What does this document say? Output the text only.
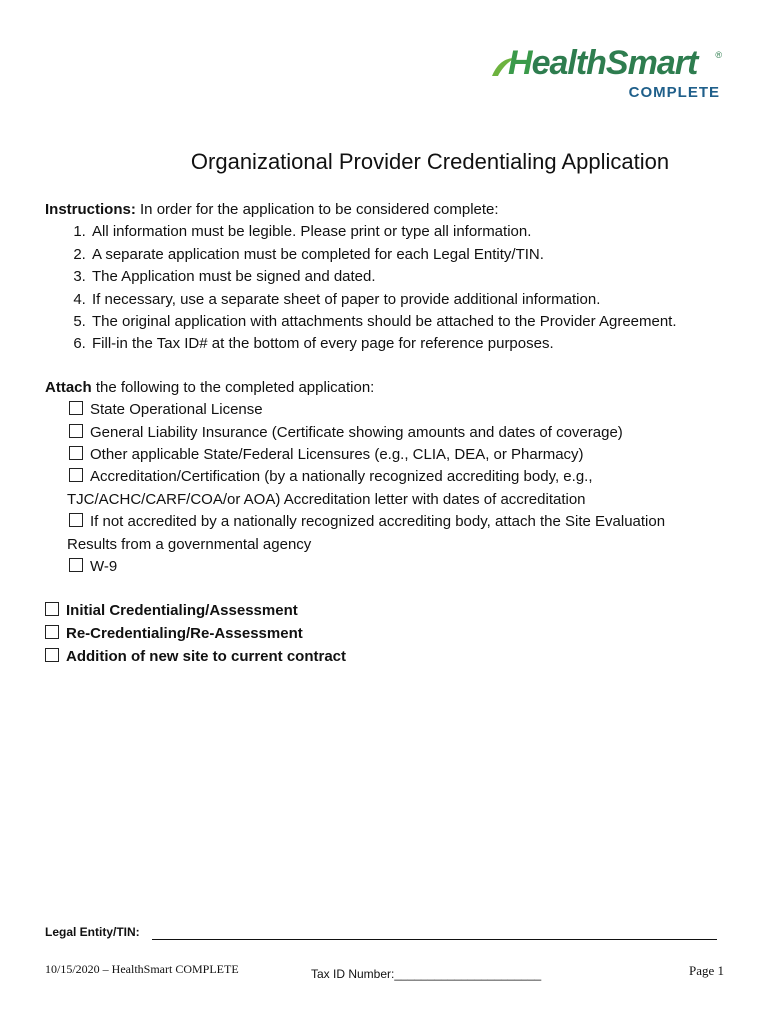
HealthSmart ®
COMPLETE
Organizational Provider Credentialing Application
Instructions: In order for the application to be considered complete:
1. All information must be legible. Please print or type all information.
2. A separate application must be completed for each Legal Entity/TIN.
3. The Application must be signed and dated.
4. If necessary, use a separate sheet of paper to provide additional information.
5. The original application with attachments should be attached to the Provider Agreement.
6. Fill-in the Tax ID# at the bottom of every page for reference purposes.
Attach the following to the completed application:
State Operational License
General Liability Insurance (Certificate showing amounts and dates of coverage)
Other applicable State/Federal Licensures (e.g., CLIA, DEA, or Pharmacy)
Accreditation/Certification (by a nationally recognized accrediting body, e.g.,
TJC/ACHC/CARF/COA/or AOA) Accreditation letter with dates of accreditation
If not accredited by a nationally recognized accrediting body, attach the Site Evaluation
Results from a governmental agency
W-9
Initial Credentialing/Assessment
Re-Credentialing/Re-Assessment
Addition of new site to current contract
Legal Entity/TIN:
10/15/2020 – HealthSmart COMPLETE	Tax ID Number:______________________	Page 1
